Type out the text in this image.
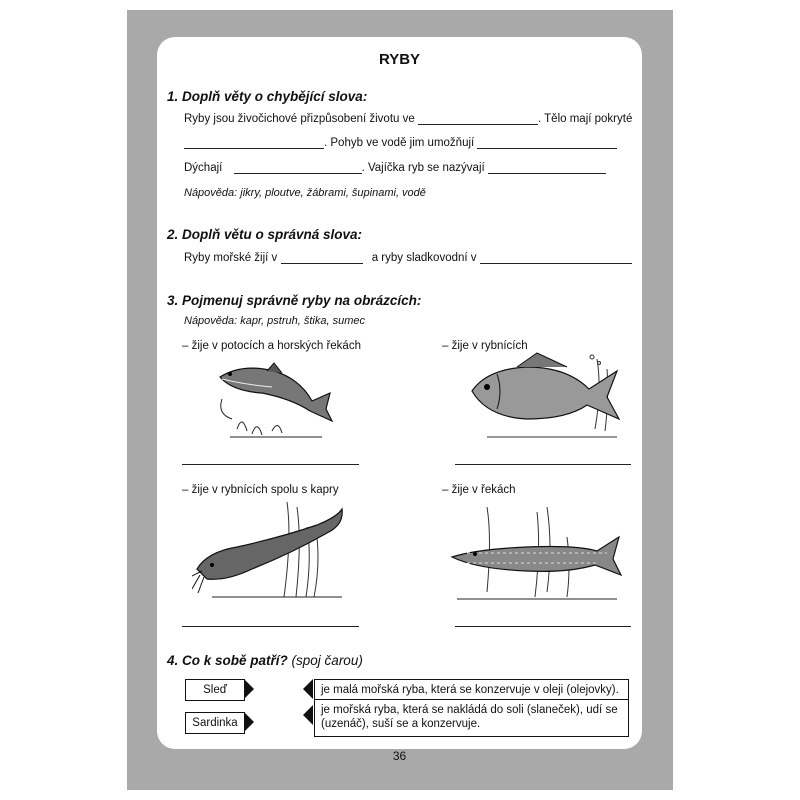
RYBY
1. Doplň věty o chybějící slova:
Ryby jsou živočichové přizpůsobení životu ve	. Tělo mají pokryté
. Pohyb ve vodě jim umožňují
Dýchají	. Vajíčka ryb se nazývají
Nápověda: jikry, ploutve, žábrami, šupinami, vodě
2. Doplň větu o správná slova:
Ryby mořské žijí v	a ryby sladkovodní v
3. Pojmenuj správně ryby na obrázcích:
Nápověda: kapr, pstruh, štika, sumec
– žije v potocích a horských řekách	– žije v rybnících
– žije v rybnících spolu s kapry	– žije v řekách
4. Co k sobě patří? (spoj čarou)
Sleď	je malá mořská ryba, která se konzervuje v oleji (olejovky).
Sardinka
je mořská ryba, která se nakládá do soli (slaneček), udí se (uzenáč), suší se a konzervuje.
36
